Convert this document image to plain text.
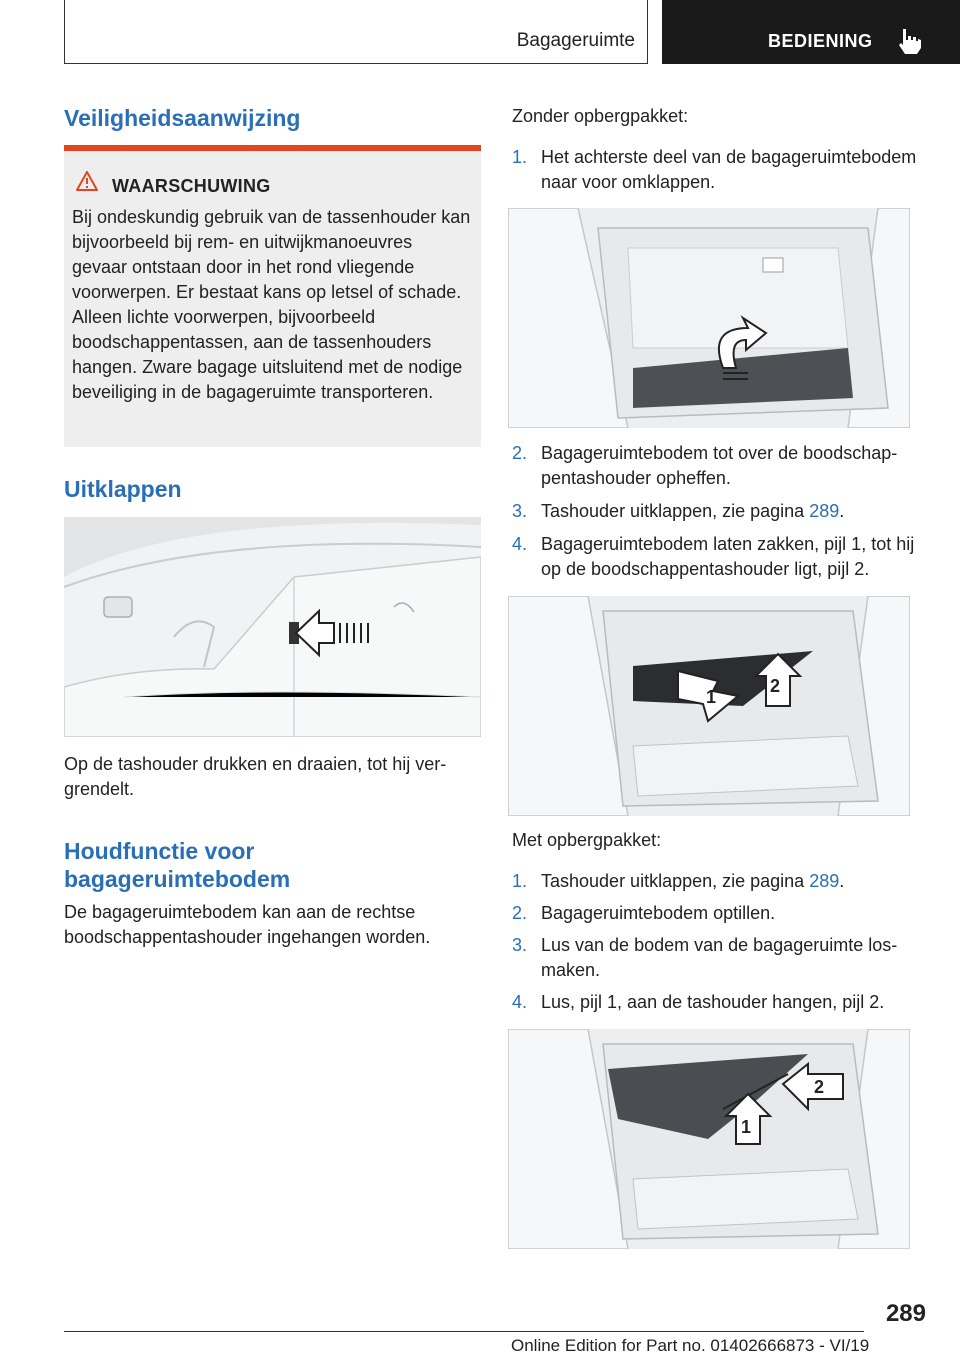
Bagageruimte	BEDIENING
Veiligheidsaanwijzing
WAARSCHUWING
Bij ondeskundig gebruik van de tassenhouder kan bijvoorbeeld bij rem- en uitwijkmanoeuvres gevaar ontstaan door in het rond vliegende voorwerpen. Er bestaat kans op letsel of schade. Alleen lichte voorwerpen, bijvoorbeeld boodschappentassen, aan de tassenhouders hangen. Zware bagage uitsluitend met de nodige beveiliging in de bagageruimte transporteren.
Uitklappen
Op de tashouder drukken en draaien, tot hij vergrendelt.
Houdfunctie voor
bagageruimtebodem
De bagageruimtebodem kan aan de rechtse boodschappentashouder ingehangen worden.
Zonder opbergpakket:
1. Het achterste deel van de bagageruimtebodem naar voor omklappen.
2. Bagageruimtebodem tot over de boodschappentashouder opheffen.
3. Tashouder uitklappen, zie pagina 289.
4. Bagageruimtebodem laten zakken, pijl 1, tot hij op de boodschappentashouder ligt, pijl 2.
1
2
Met opbergpakket:
1. Tashouder uitklappen, zie pagina 289.
2. Bagageruimtebodem optillen.
3. Lus van de bodem van de bagageruimte losmaken.
4. Lus, pijl 1, aan de tashouder hangen, pijl 2.
2
1
289
Online Edition for Part no. 01402666873 - VI/19
